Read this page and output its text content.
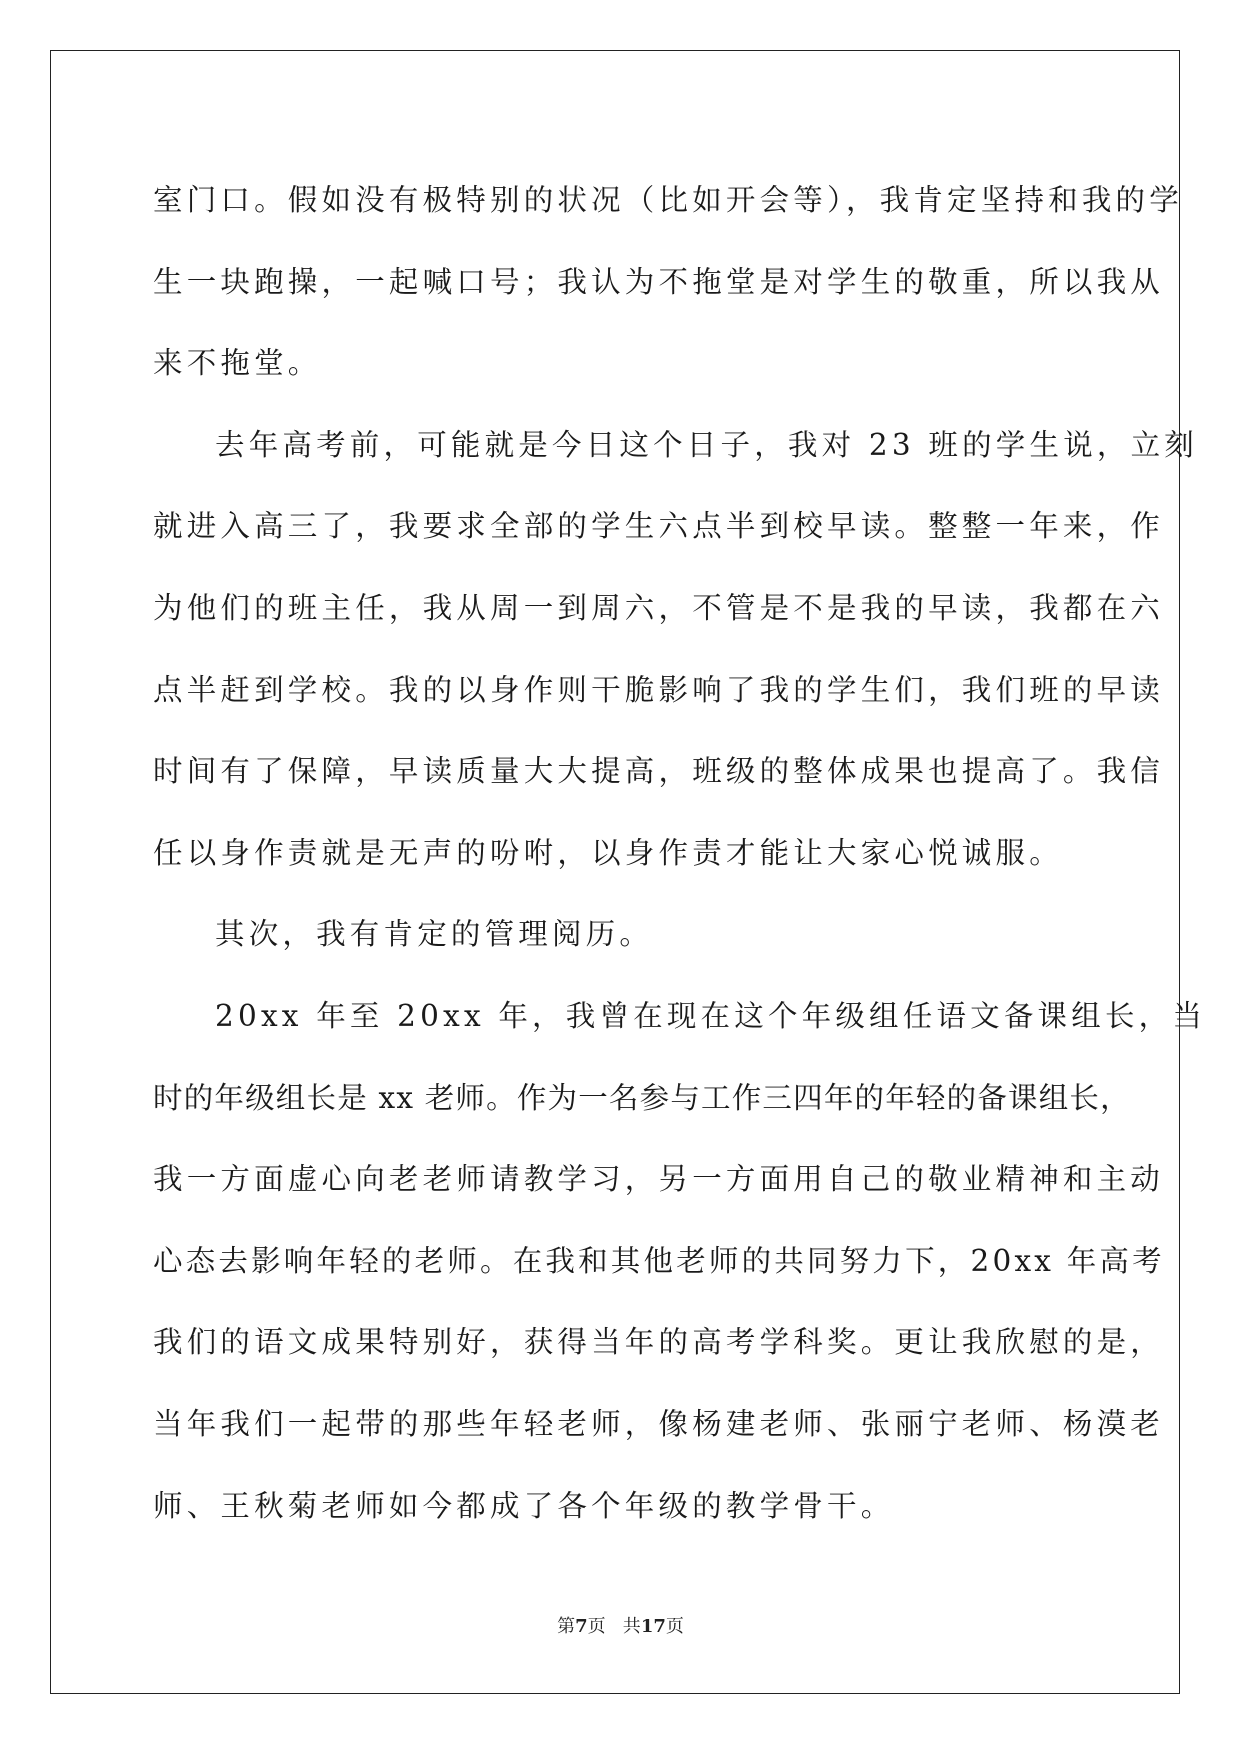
室门口。假如没有极特别的状况（比如开会等），我肯定坚持和我的学
生一块跑操，一起喊口号；我认为不拖堂是对学生的敬重，所以我从
来不拖堂。
去年高考前，可能就是今日这个日子，我对 23 班的学生说，立刻
就进入高三了，我要求全部的学生六点半到校早读。整整一年来，作
为他们的班主任，我从周一到周六，不管是不是我的早读，我都在六
点半赶到学校。我的以身作则干脆影响了我的学生们，我们班的早读
时间有了保障，早读质量大大提高，班级的整体成果也提高了。我信
任以身作责就是无声的吩咐，以身作责才能让大家心悦诚服。
其次，我有肯定的管理阅历。
20xx 年至 20xx 年，我曾在现在这个年级组任语文备课组长，当
时的年级组长是 xx 老师。作为一名参与工作三四年的年轻的备课组长，
我一方面虚心向老老师请教学习，另一方面用自己的敬业精神和主动
心态去影响年轻的老师。在我和其他老师的共同努力下，20xx 年高考
我们的语文成果特别好，获得当年的高考学科奖。更让我欣慰的是，
当年我们一起带的那些年轻老师，像杨建老师、张丽宁老师、杨漠老
师、王秋菊老师如今都成了各个年级的教学骨干。
第7页   共17页
